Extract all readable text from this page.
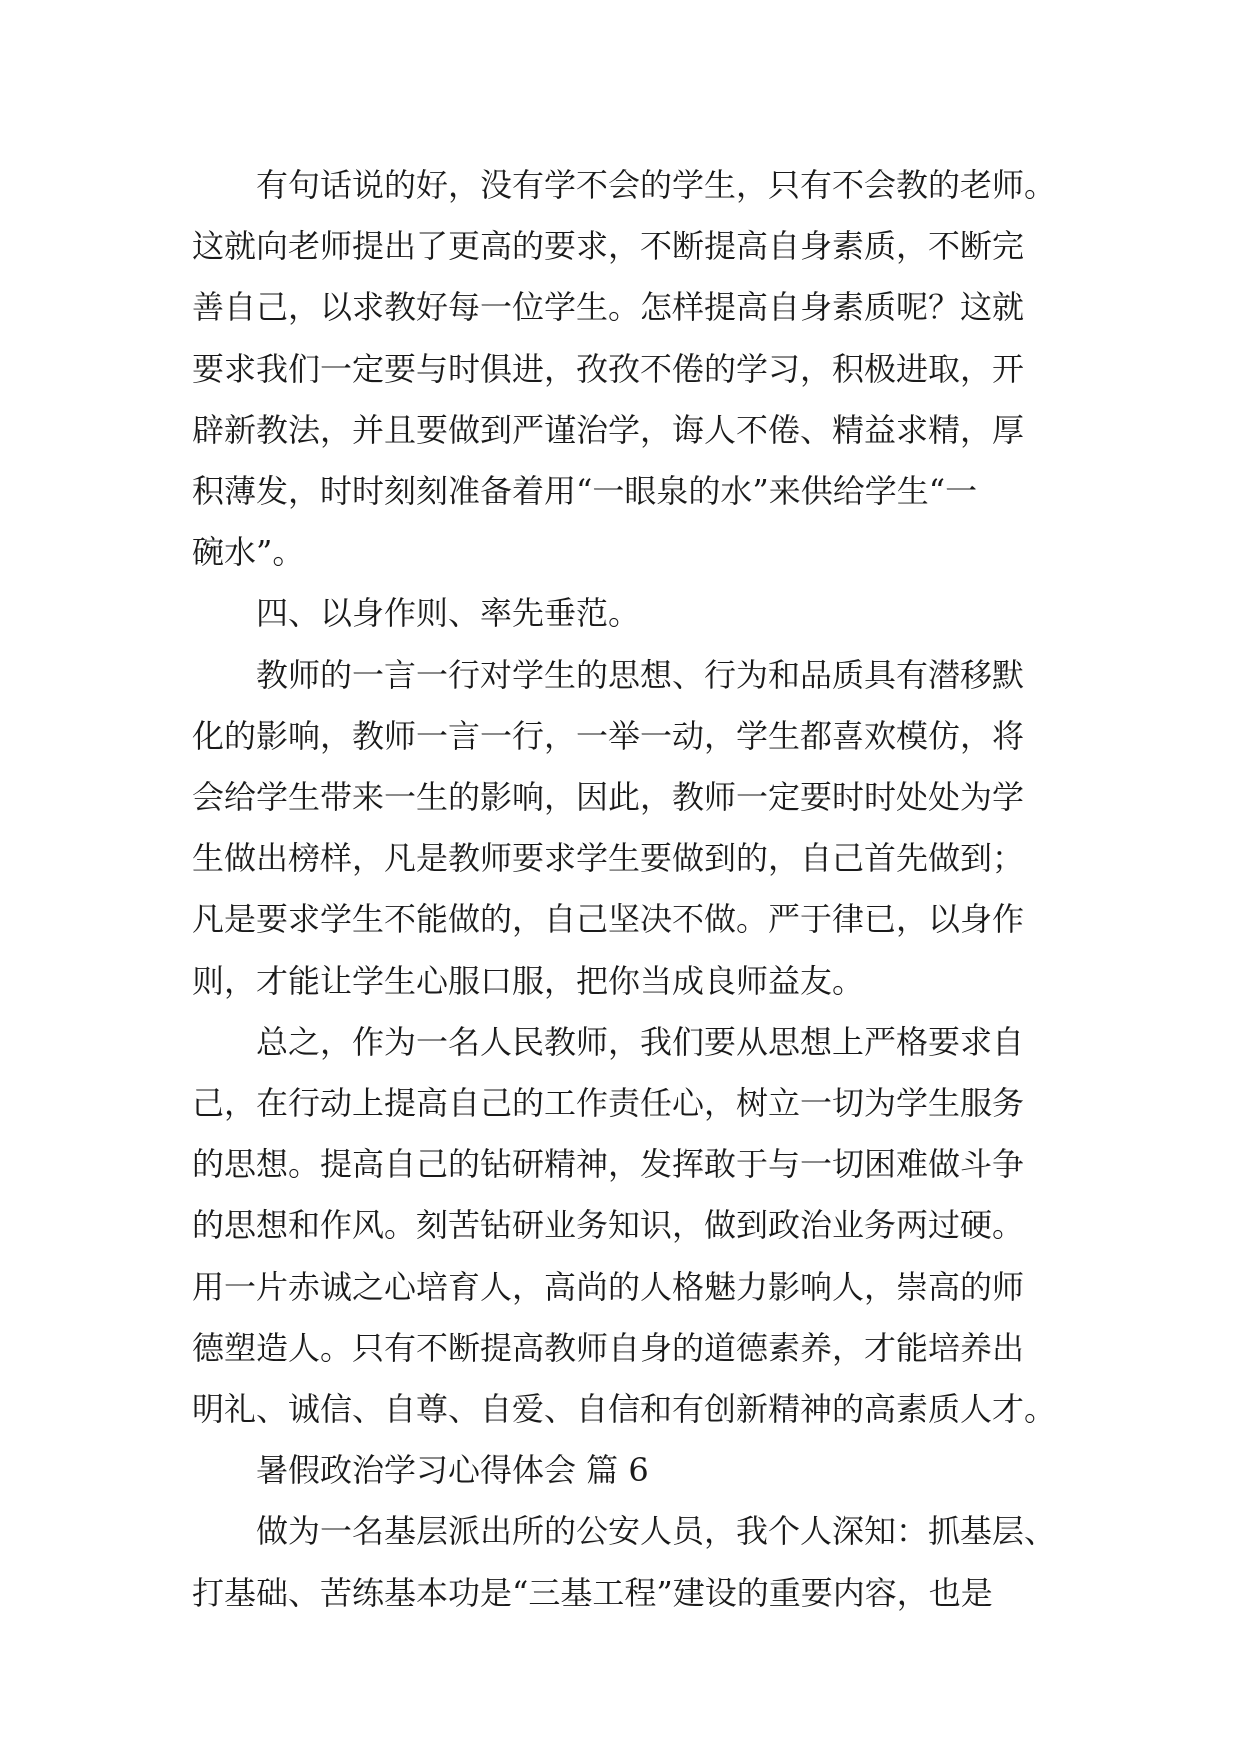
有句话说的好，没有学不会的学生，只有不会教的老师。
这就向老师提出了更高的要求，不断提高自身素质，不断完
善自己，以求教好每一位学生。怎样提高自身素质呢？这就
要求我们一定要与时俱进，孜孜不倦的学习，积极进取，开
辟新教法，并且要做到严谨治学，诲人不倦、精益求精，厚
积薄发，时时刻刻准备着用“一眼泉的水”来供给学生“一
碗水”。
四、以身作则、率先垂范。
教师的一言一行对学生的思想、行为和品质具有潜移默
化的影响，教师一言一行，一举一动，学生都喜欢模仿，将
会给学生带来一生的影响，因此，教师一定要时时处处为学
生做出榜样，凡是教师要求学生要做到的，自己首先做到；
凡是要求学生不能做的，自己坚决不做。严于律已，以身作
则，才能让学生心服口服，把你当成良师益友。
总之，作为一名人民教师，我们要从思想上严格要求自
己，在行动上提高自己的工作责任心，树立一切为学生服务
的思想。提高自己的钻研精神，发挥敢于与一切困难做斗争
的思想和作风。刻苦钻研业务知识，做到政治业务两过硬。
用一片赤诚之心培育人，高尚的人格魅力影响人，崇高的师
德塑造人。只有不断提高教师自身的道德素养，才能培养出
明礼、诚信、自尊、自爱、自信和有创新精神的高素质人才。
暑假政治学习心得体会 篇 6
做为一名基层派出所的公安人员，我个人深知：抓基层、
打基础、苦练基本功是“三基工程”建设的重要内容，也是
